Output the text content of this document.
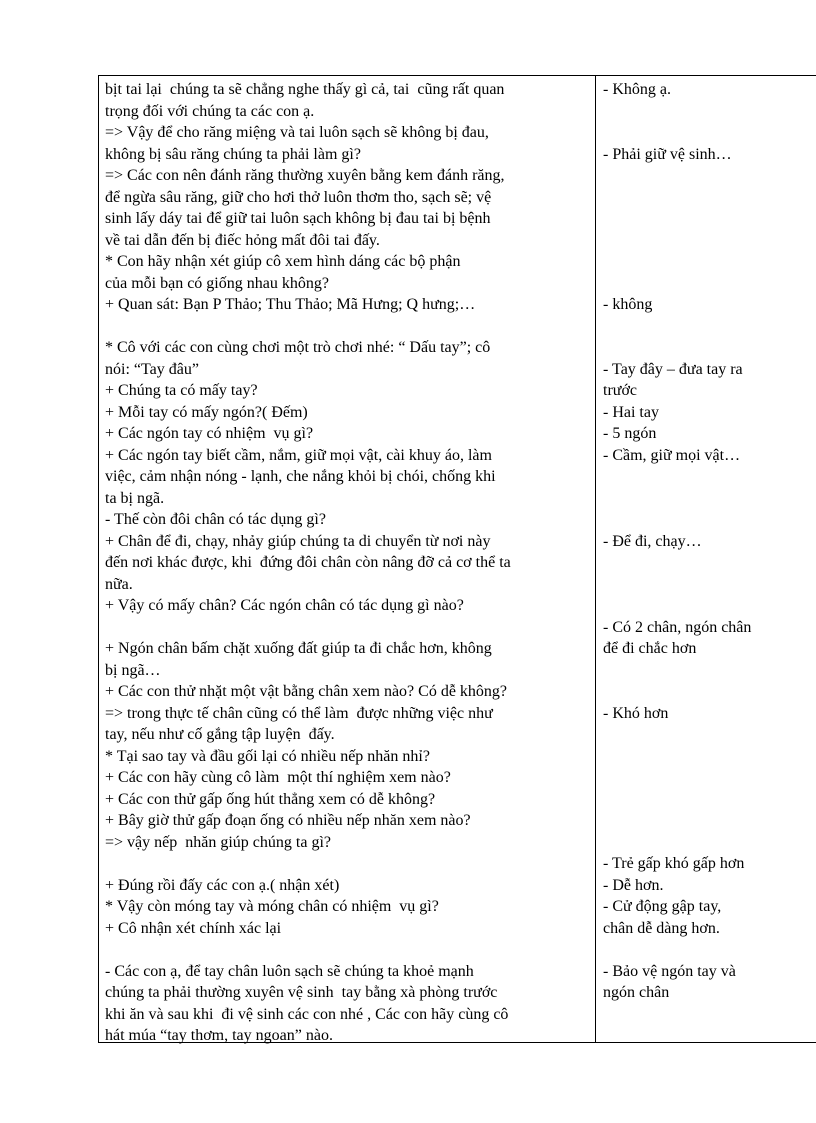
bịt tai lại  chúng ta sẽ chẳng nghe thấy gì cả, tai  cũng rất quan
trọng đối với chúng ta các con ạ.
=> Vậy để cho răng miệng và tai luôn sạch sẽ không bị đau,
không bị sâu răng chúng ta phải làm gì?
=> Các con nên đánh răng thường xuyên bằng kem đánh răng,
để ngừa sâu răng, giữ cho hơi thở luôn thơm tho, sạch sẽ; vệ
sinh lấy dáy tai để giữ tai luôn sạch không bị đau tai bị bệnh
về tai dẫn đến bị điếc hỏng mất đôi tai đấy.
* Con hãy nhận xét giúp cô xem hình dáng các bộ phận
của mỗi bạn có giống nhau không?
+ Quan sát: Bạn P Thảo; Thu Thảo; Mã Hưng; Q hưng;…
* Cô với các con cùng chơi một trò chơi nhé: “ Dấu tay”; cô
nói: “Tay đâu”
+ Chúng ta có mấy tay?
+ Mỗi tay có mấy ngón?( Đếm)
+ Các ngón tay có nhiệm  vụ gì?
+ Các ngón tay biết cầm, nắm, giữ mọi vật, cài khuy áo, làm
việc, cảm nhận nóng - lạnh, che nắng khỏi bị chói, chống khi
ta bị ngã.
- Thế còn đôi chân có tác dụng gì?
+ Chân để đi, chạy, nhảy giúp chúng ta di chuyển từ nơi này
đến nơi khác được, khi  đứng đôi chân còn nâng đỡ cả cơ thể ta
nữa.
+ Vậy có mấy chân? Các ngón chân có tác dụng gì nào?
+ Ngón chân bấm chặt xuống đất giúp ta đi chắc hơn, không
bị ngã…
+ Các con thử nhặt một vật bằng chân xem nào? Có dễ không?
=> trong thực tế chân cũng có thể làm  được những việc như
tay, nếu như cố gắng tập luyện  đấy.
* Tại sao tay và đầu gối lại có nhiều nếp nhăn nhỉ?
+ Các con hãy cùng cô làm  một thí nghiệm xem nào?
+ Các con thử gấp ống hút thẳng xem có dễ không?
+ Bây giờ thử gấp đoạn ống có nhiều nếp nhăn xem nào?
=> vậy nếp  nhăn giúp chúng ta gì?
+ Đúng rồi đấy các con ạ.( nhận xét)
* Vậy còn móng tay và móng chân có nhiệm  vụ gì?
+ Cô nhận xét chính xác lại
- Các con ạ, để tay chân luôn sạch sẽ chúng ta khoẻ mạnh
chúng ta phải thường xuyên vệ sinh  tay bằng xà phòng trước
khi ăn và sau khi  đi vệ sinh các con nhé , Các con hãy cùng cô
hát múa “tay thơm, tay ngoan” nào.
- Không ạ.
- Phải giữ vệ sinh…
- không
- Tay đây – đưa tay ra
trước
- Hai tay
- 5 ngón
- Cầm, giữ mọi vật…
- Để đi, chạy…
- Có 2 chân, ngón chân
để đi chắc hơn
- Khó hơn
- Trẻ gấp khó gấp hơn
- Dễ hơn.
- Cử động gập tay,
chân dễ dàng hơn.
- Bảo vệ ngón tay và
ngón chân
